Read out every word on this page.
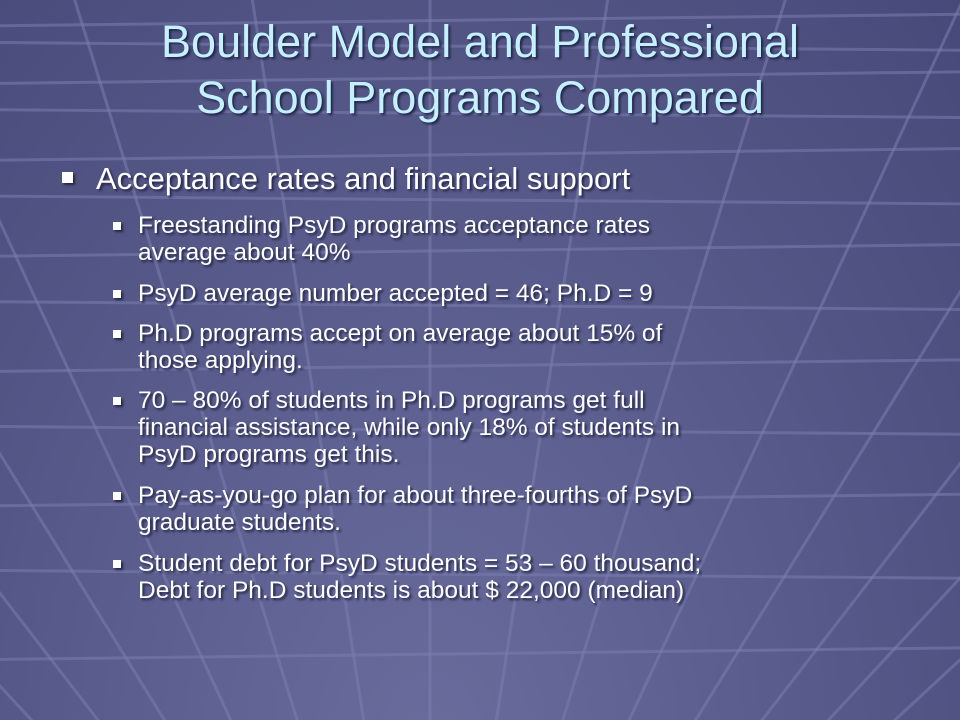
Boulder Model and Professional
School Programs Compared
Acceptance rates and financial support
Freestanding PsyD programs acceptance rates
average about 40%
PsyD average number accepted = 46; Ph.D = 9
Ph.D programs accept on average about 15% of
those applying.
70 – 80% of students in Ph.D programs get full
financial assistance, while only 18% of students in
PsyD programs get this.
Pay-as-you-go plan for about three-fourths of PsyD
graduate students.
Student debt for PsyD students = 53 – 60 thousand;
Debt for Ph.D students is about $ 22,000 (median)
